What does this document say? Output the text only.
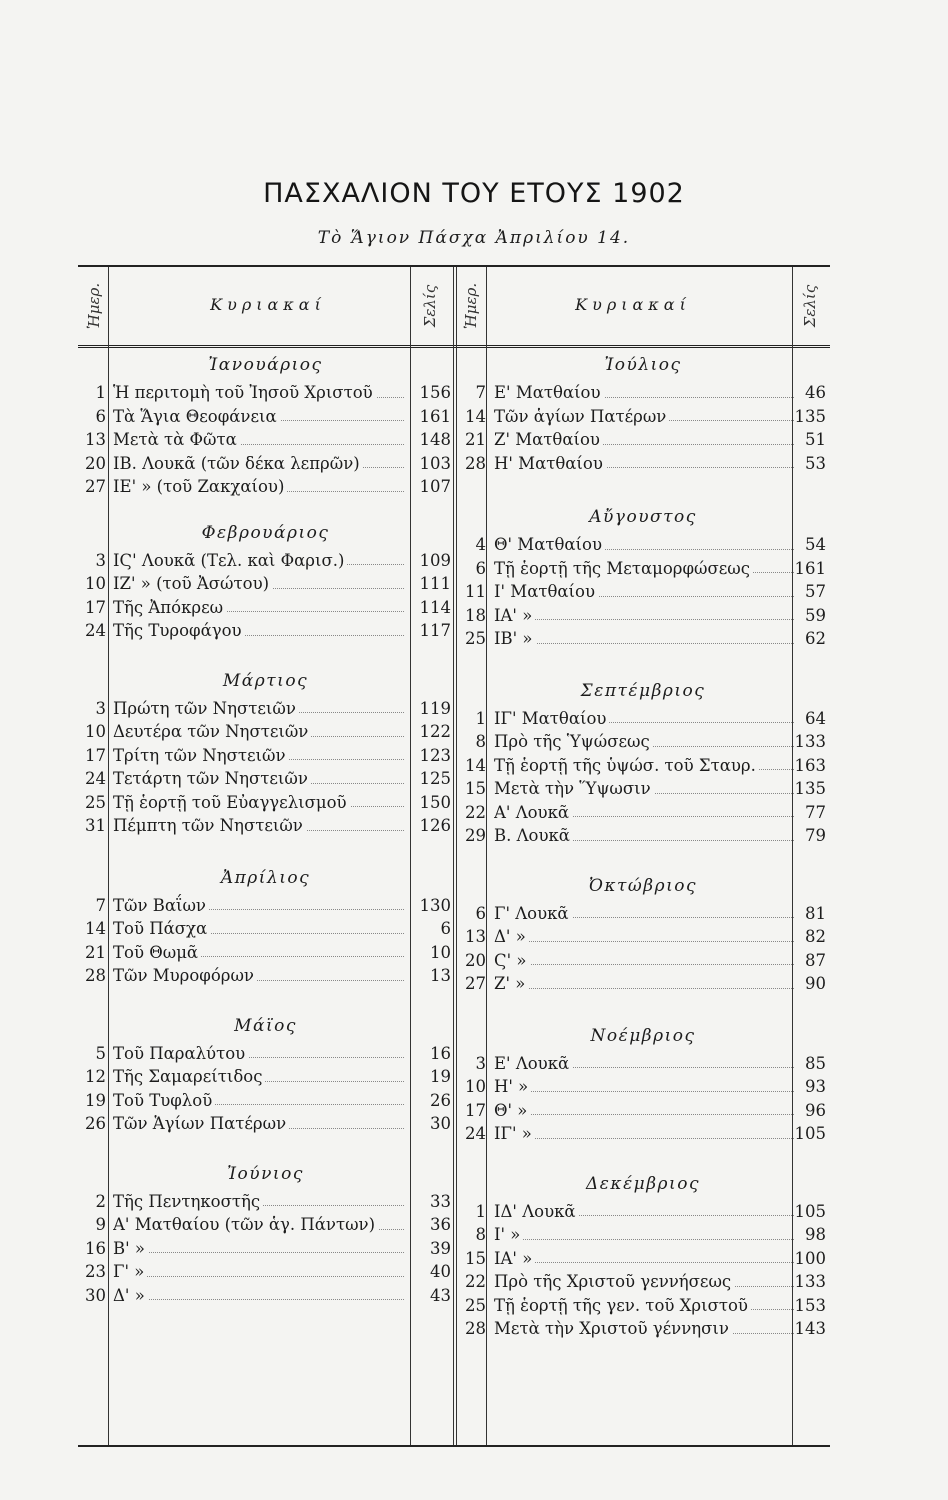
ΠΑΣΧΑΛΙΟΝ ΤΟΥ ΕΤΟΥΣ 1902
Τὸ Ἅγιον Πάσχα Ἀπριλίου 14.
Ἡμερ.	Κυριακαί	Σελίς Ἡμερ.	Κυριακαί	Σελίς
Ἰανουάριος
1 Ἡ περιτομὴ τοῦ Ἰησοῦ Χριστοῦ	156
6 Τὰ Ἅγια Θεοφάνεια	161
13 Μετὰ τὰ Φῶτα	148
20 ΙΒ. Λουκᾶ (τῶν δέκα λεπρῶν)	103
27 ΙΕ' » (τοῦ Ζακχαίου)	107
Φεβρουάριος
3 ΙϚ' Λουκᾶ (Τελ. καὶ Φαρισ.)	109
10 ΙΖ' » (τοῦ Ἀσώτου)	111
17 Τῆς Ἀπόκρεω	114
24 Τῆς Τυροφάγου	117
Μάρτιος
3 Πρώτη τῶν Νηστειῶν	119
10 Δευτέρα τῶν Νηστειῶν	122
17 Τρίτη τῶν Νηστειῶν	123
24 Τετάρτη τῶν Νηστειῶν	125
25 Τῇ ἑορτῇ τοῦ Εὐαγγελισμοῦ	150
31 Πέμπτη τῶν Νηστειῶν	126
Ἀπρίλιος
7 Τῶν Βαΐων	130
14 Τοῦ Πάσχα	6
21 Τοῦ Θωμᾶ	10
28 Τῶν Μυροφόρων	13
Μάϊος
5 Τοῦ Παραλύτου	16
12 Τῆς Σαμαρείτιδος	19
19 Τοῦ Τυφλοῦ	26
26 Τῶν Ἁγίων Πατέρων	30
Ἰούνιος
2 Τῆς Πεντηκοστῆς	33
9 Α' Ματθαίου (τῶν ἁγ. Πάντων)	36
16 Β' »	39
23 Γ' »	40
30 Δ' »	43
Ἰούλιος
7 Ε' Ματθαίου	46
14 Τῶν ἁγίων Πατέρων	135
21 Ζ' Ματθαίου	51
28 Η' Ματθαίου	53
Αὔγουστος
4 Θ' Ματθαίου	54
6 Τῇ ἑορτῇ τῆς Μεταμορφώσεως	161
11 Ι' Ματθαίου	57
18 ΙΑ' »	59
25 ΙΒ' »	62
Σεπτέμβριος
1 ΙΓ' Ματθαίου	64
8 Πρὸ τῆς Ὑψώσεως	133
14 Τῇ ἑορτῇ τῆς ὑψώσ. τοῦ Σταυρ.	163
15 Μετὰ τὴν Ὕψωσιν	135
22 Α' Λουκᾶ	77
29 Β. Λουκᾶ	79
Ὀκτώβριος
6 Γ' Λουκᾶ	81
13 Δ' »	82
20 Ϛ' »	87
27 Ζ' »	90
Νοέμβριος
3 Ε' Λουκᾶ	85
10 Η' »	93
17 Θ' »	96
24 ΙΓ' »	105
Δεκέμβριος
1 ΙΔ' Λουκᾶ	105
8 Ι' »	98
15 ΙΑ' »	100
22 Πρὸ τῆς Χριστοῦ γεννήσεως	133
25 Τῇ ἑορτῇ τῆς γεν. τοῦ Χριστοῦ	153
28 Μετὰ τὴν Χριστοῦ γέννησιν	143
